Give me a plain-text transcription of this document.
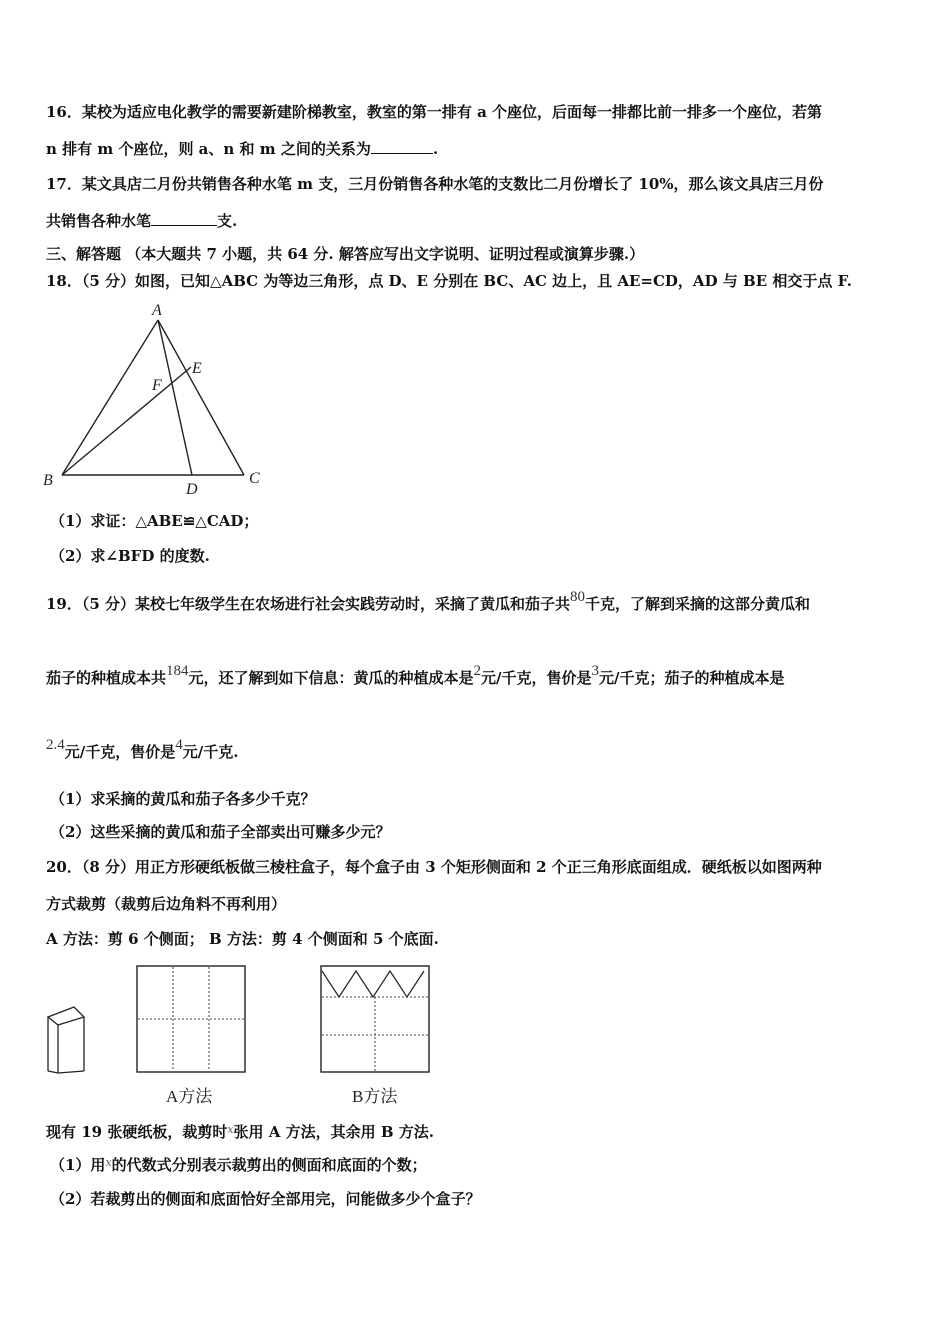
16．某校为适应电化教学的需要新建阶梯教室，教室的第一排有 a 个座位，后面每一排都比前一排多一个座位，若第
n 排有 m 个座位，则 a、n 和 m 之间的关系为	.
17．某文具店二月份共销售各种水笔 m 支，三月份销售各种水笔的支数比二月份增长了 10%，那么该文具店三月份
共销售各种水笔	支.
三、解答题 （本大题共 7 小题，共 64 分. 解答应写出文字说明、证明过程或演算步骤.）
18．（5 分）如图，已知△ABC 为等边三角形，点 D、E 分别在 BC、AC 边上，且 AE=CD，AD 与 BE 相交于点 F.
A
B	C
D
E
F
（1）求证：△ABE≌△CAD；
（2）求∠BFD 的度数.
19．（5 分）某校七年级学生在农场进行社会实践劳动时，采摘了黄瓜和茄子共80千克，了解到采摘的这部分黄瓜和
茄子的种植成本共184元，还了解到如下信息：黄瓜的种植成本是2元/千克，售价是3元/千克；茄子的种植成本是
2.4元/千克，售价是4元/千克.
（1）求采摘的黄瓜和茄子各多少千克？
（2）这些采摘的黄瓜和茄子全部卖出可赚多少元？
20．（8 分）用正方形硬纸板做三棱柱盒子，每个盒子由 3 个矩形侧面和 2 个正三角形底面组成．硬纸板以如图两种
方式裁剪（裁剪后边角料不再利用）
A 方法：剪 6 个侧面； B 方法：剪 4 个侧面和 5 个底面.
A方法	B方法
现有 19 张硬纸板，裁剪时$^x$张用 A 方法，其余用 B 方法.
（1）用$^x$的代数式分别表示裁剪出的侧面和底面的个数；
（2）若裁剪出的侧面和底面恰好全部用完，问能做多少个盒子？
